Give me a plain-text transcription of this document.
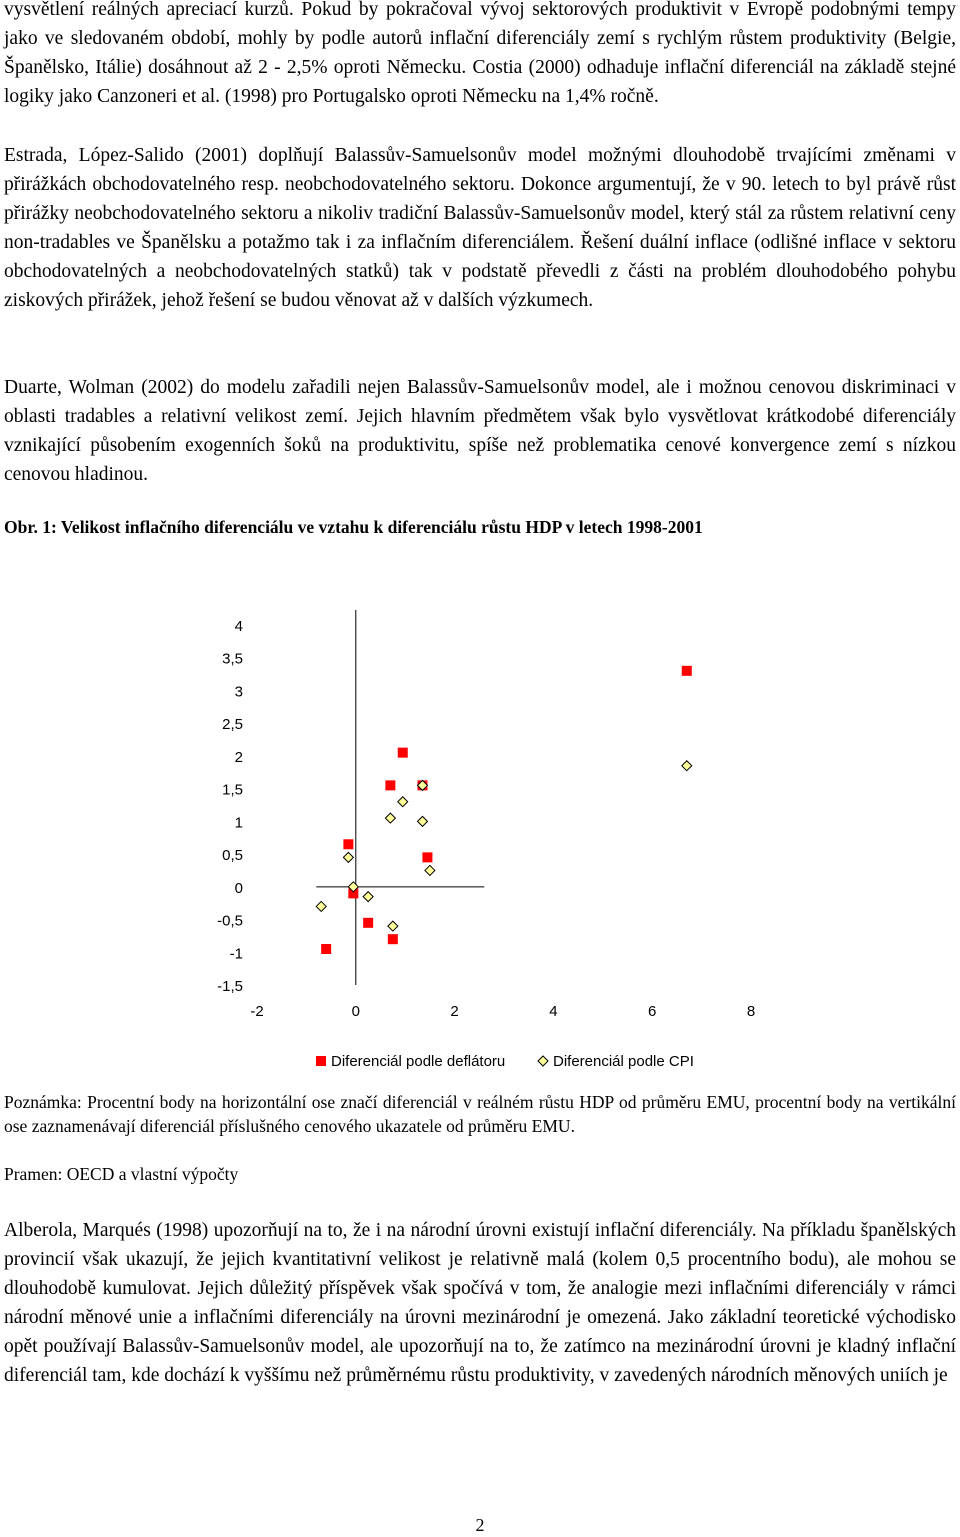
vysvětlení reálných apreciací kurzů. Pokud by pokračoval vývoj sektorových produktivit v Evropě podobnými tempy jako ve sledovaném období, mohly by podle autorů inflační diferenciály zemí s rychlým růstem produktivity (Belgie, Španělsko, Itálie) dosáhnout až 2 - 2,5% oproti Německu. Costia (2000) odhaduje inflační diferenciál na základě stejné logiky jako Canzoneri et al. (1998) pro Portugalsko oproti Německu na 1,4% ročně.

Estrada, López-Salido (2001) doplňují Balassův-Samuelsonův model možnými dlouhodobě trvajícími změnami v přirážkách obchodovatelného resp. neobchodovatelného sektoru. Dokonce argumentují, že v 90. letech to byl právě růst přirážky neobchodovatelného sektoru a nikoliv tradiční Balassův-Samuelsonův model, který stál za růstem relativní ceny non-tradables ve Španělsku a potažmo tak i za inflačním diferenciálem. Řešení duální inflace (odlišné inflace v sektoru obchodovatelných a neobchodovatelných statků) tak v podstatě převedli z části na problém dlouhodobého pohybu ziskových přirážek, jehož řešení se budou věnovat až v dalších výzkumech.

Duarte, Wolman (2002) do modelu zařadili nejen Balassův-Samuelsonův model, ale i možnou cenovou diskriminaci v oblasti tradables a relativní velikost zemí. Jejich hlavním předmětem však bylo vysvětlovat krátkodobé diferenciály vznikající působením exogenních šoků na produktivitu, spíše než problematika cenové konvergence zemí s nízkou cenovou hladinou.

Obr. 1: Velikost inflačního diferenciálu ve vztahu k diferenciálu růstu HDP v letech 1998-2001
4
3,5
3
2,5
2
1,5
1
0,5
0
-0,5
-1
-1,5
-2	0	2	4	6	8
Diferenciál podle deflátoru	Diferenciál podle CPI

Poznámka: Procentní body na horizontální ose značí diferenciál v reálném růstu HDP od průměru EMU, procentní body na vertikální ose zaznamenávají diferenciál příslušného cenového ukazatele od průměru EMU.

Pramen: OECD a vlastní výpočty

Alberola, Marqués (1998) upozorňují na to, že i na národní úrovni existují inflační diferenciály. Na příkladu španělských provincií však ukazují, že jejich kvantitativní velikost je relativně malá (kolem 0,5 procentního bodu), ale mohou se dlouhodobě kumulovat. Jejich důležitý příspěvek však spočívá v tom, že analogie mezi inflačními diferenciály v rámci národní měnové unie a inflačními diferenciály na úrovni mezinárodní je omezená. Jako základní teoretické východisko opět používají Balassův-Samuelsonův model, ale upozorňují na to, že zatímco na mezinárodní úrovni je kladný inflační diferenciál tam, kde dochází k vyššímu než průměrnému růstu produktivity, v zavedených národních měnových uniích je

2
